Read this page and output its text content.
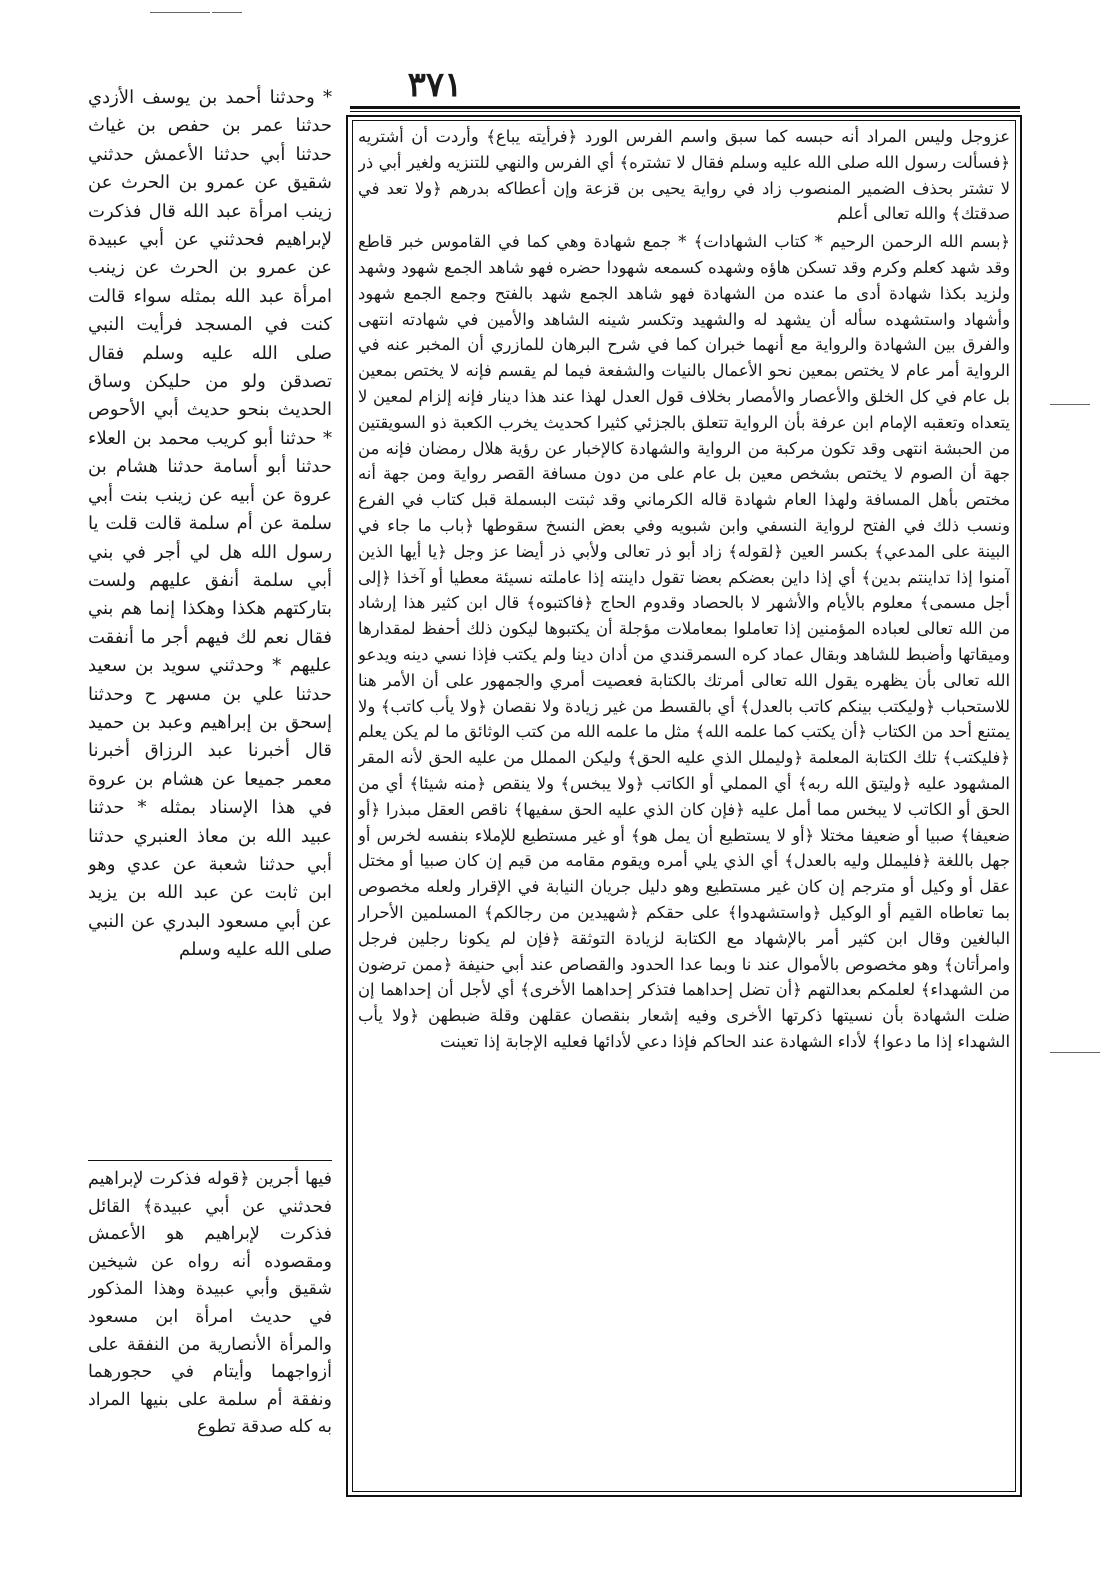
٣٧١

عزوجل وليس المراد أنه حبسه كما سبق واسم الفرس الورد ﴿فرأيته يباع﴾ وأردت أن أشتريه ﴿فسألت رسول الله صلى الله عليه وسلم فقال لا تشتره﴾ أي الفرس والنهي للتنزيه ولغير أبي ذر لا تشتر بحذف الضمير المنصوب زاد في رواية يحيى بن قزعة وإن أعطاكه بدرهم ﴿ولا تعد في صدقتك﴾ والله تعالى أعلم

﴿بسم الله الرحمن الرحيم * كتاب الشهادات﴾ * جمع شهادة وهي كما في القاموس خبر قاطع وقد شهد كعلم وكرم وقد تسكن هاؤه وشهده كسمعه شهودا حضره فهو شاهد الجمع شهود وشهد ولزيد بكذا شهادة أدى ما عنده من الشهادة فهو شاهد الجمع شهد بالفتح وجمع الجمع شهود وأشهاد واستشهده سأله أن يشهد له والشهيد وتكسر شينه الشاهد والأمين في شهادته انتهى والفرق بين الشهادة والرواية مع أنهما خبران كما في شرح البرهان للمازري أن المخبر عنه في الرواية أمر عام لا يختص بمعين نحو الأعمال بالنيات والشفعة فيما لم يقسم فإنه لا يختص بمعين بل عام في كل الخلق والأعصار والأمصار بخلاف قول العدل لهذا عند هذا دينار فإنه إلزام لمعين لا يتعداه وتعقبه الإمام ابن عرفة بأن الرواية تتعلق بالجزئي كثيرا كحديث يخرب الكعبة ذو السويقتين من الحبشة انتهى وقد تكون مركبة من الرواية والشهادة كالإخبار عن رؤية هلال رمضان فإنه من جهة أن الصوم لا يختص بشخص معين بل عام على من دون مسافة القصر رواية ومن جهة أنه مختص بأهل المسافة ولهذا العام شهادة قاله الكرماني وقد ثبتت البسملة قبل كتاب في الفرع ونسب ذلك في الفتح لرواية النسفي وابن شبويه وفي بعض النسخ سقوطها ﴿باب ما جاء في البينة على المدعي﴾ بكسر العين ﴿لقوله﴾ زاد أبو ذر تعالى ولأبي ذر أيضا عز وجل ﴿يا أيها الذين آمنوا إذا تداينتم بدين﴾ أي إذا داين بعضكم بعضا تقول داينته إذا عاملته نسيئة معطيا أو آخذا ﴿إلى أجل مسمى﴾ معلوم بالأيام والأشهر لا بالحصاد وقدوم الحاج ﴿فاكتبوه﴾ قال ابن كثير هذا إرشاد من الله تعالى لعباده المؤمنين إذا تعاملوا بمعاملات مؤجلة أن يكتبوها ليكون ذلك أحفظ لمقدارها وميقاتها وأضبط للشاهد وبقال عماد كره السمرقندي من أدان دينا ولم يكتب فإذا نسي دينه ويدعو الله تعالى بأن يظهره يقول الله تعالى أمرتك بالكتابة فعصيت أمري والجمهور على أن الأمر هنا للاستحباب ﴿وليكتب بينكم كاتب بالعدل﴾ أي بالقسط من غير زيادة ولا نقصان ﴿ولا يأب كاتب﴾ ولا يمتنع أحد من الكتاب ﴿أن يكتب كما علمه الله﴾ مثل ما علمه الله من كتب الوثائق ما لم يكن يعلم ﴿فليكتب﴾ تلك الكتابة المعلمة ﴿وليملل الذي عليه الحق﴾ وليكن المملل من عليه الحق لأنه المقر المشهود عليه ﴿وليتق الله ربه﴾ أي المملي أو الكاتب ﴿ولا يبخس﴾ ولا ينقص ﴿منه شيئا﴾ أي من الحق أو الكاتب لا يبخس مما أمل عليه ﴿فإن كان الذي عليه الحق سفيها﴾ ناقص العقل مبذرا ﴿أو ضعيفا﴾ صبيا أو ضعيفا مختلا ﴿أو لا يستطيع أن يمل هو﴾ أو غير مستطيع للإملاء بنفسه لخرس أو جهل باللغة ﴿فليملل وليه بالعدل﴾ أي الذي يلي أمره ويقوم مقامه من قيم إن كان صبيا أو مختل عقل أو وكيل أو مترجم إن كان غير مستطيع وهو دليل جريان النيابة في الإقرار ولعله مخصوص بما تعاطاه القيم أو الوكيل ﴿واستشهدوا﴾ على حقكم ﴿شهيدين من رجالكم﴾ المسلمين الأحرار البالغين وقال ابن كثير أمر بالإشهاد مع الكتابة لزيادة التوثقة ﴿فإن لم يكونا رجلين فرجل وامرأتان﴾ وهو مخصوص بالأموال عند نا وبما عدا الحدود والقصاص عند أبي حنيفة ﴿ممن ترضون من الشهداء﴾ لعلمكم بعدالتهم ﴿أن تضل إحداهما فتذكر إحداهما الأخرى﴾ أي لأجل أن إحداهما إن ضلت الشهادة بأن نسيتها ذكرتها الأخرى وفيه إشعار بنقصان عقلهن وقلة ضبطهن ﴿ولا يأب الشهداء إذا ما دعوا﴾ لأداء الشهادة عند الحاكم فإذا دعي لأدائها فعليه الإجابة إذا تعينت

* وحدثنا أحمد بن يوسف الأزدي حدثنا عمر بن حفص بن غياث حدثنا أبي حدثنا الأعمش حدثني شقيق عن عمرو بن الحرث عن زينب امرأة عبد الله قال فذكرت لإبراهيم فحدثني عن أبي عبيدة عن عمرو بن الحرث عن زينب امرأة عبد الله بمثله سواء قالت كنت في المسجد فرأيت النبي صلى الله عليه وسلم فقال تصدقن ولو من حليكن وساق الحديث بنحو حديث أبي الأحوص * حدثنا أبو كريب محمد بن العلاء حدثنا أبو أسامة حدثنا هشام بن عروة عن أبيه عن زينب بنت أبي سلمة عن أم سلمة قالت قلت يا رسول الله هل لي أجر في بني أبي سلمة أنفق عليهم ولست بتاركتهم هكذا وهكذا إنما هم بني فقال نعم لك فيهم أجر ما أنفقت عليهم * وحدثني سويد بن سعيد حدثنا علي بن مسهر ح وحدثنا إسحق بن إبراهيم وعبد بن حميد قال أخبرنا عبد الرزاق أخبرنا معمر جميعا عن هشام بن عروة في هذا الإسناد بمثله * حدثنا عبيد الله بن معاذ العنبري حدثنا أبي حدثنا شعبة عن عدي وهو ابن ثابت عن عبد الله بن يزيد عن أبي مسعود البدري عن النبي صلى الله عليه وسلم
فيها أجرين ﴿قوله فذكرت لإبراهيم فحدثني عن أبي عبيدة﴾ القائل فذكرت لإبراهيم هو الأعمش ومقصوده أنه رواه عن شيخين شقيق وأبي عبيدة وهذا المذكور في حديث امرأة ابن مسعود والمرأة الأنصارية من النفقة على أزواجهما وأيتام في حجورهما ونفقة أم سلمة على بنيها المراد به كله صدقة تطوع
